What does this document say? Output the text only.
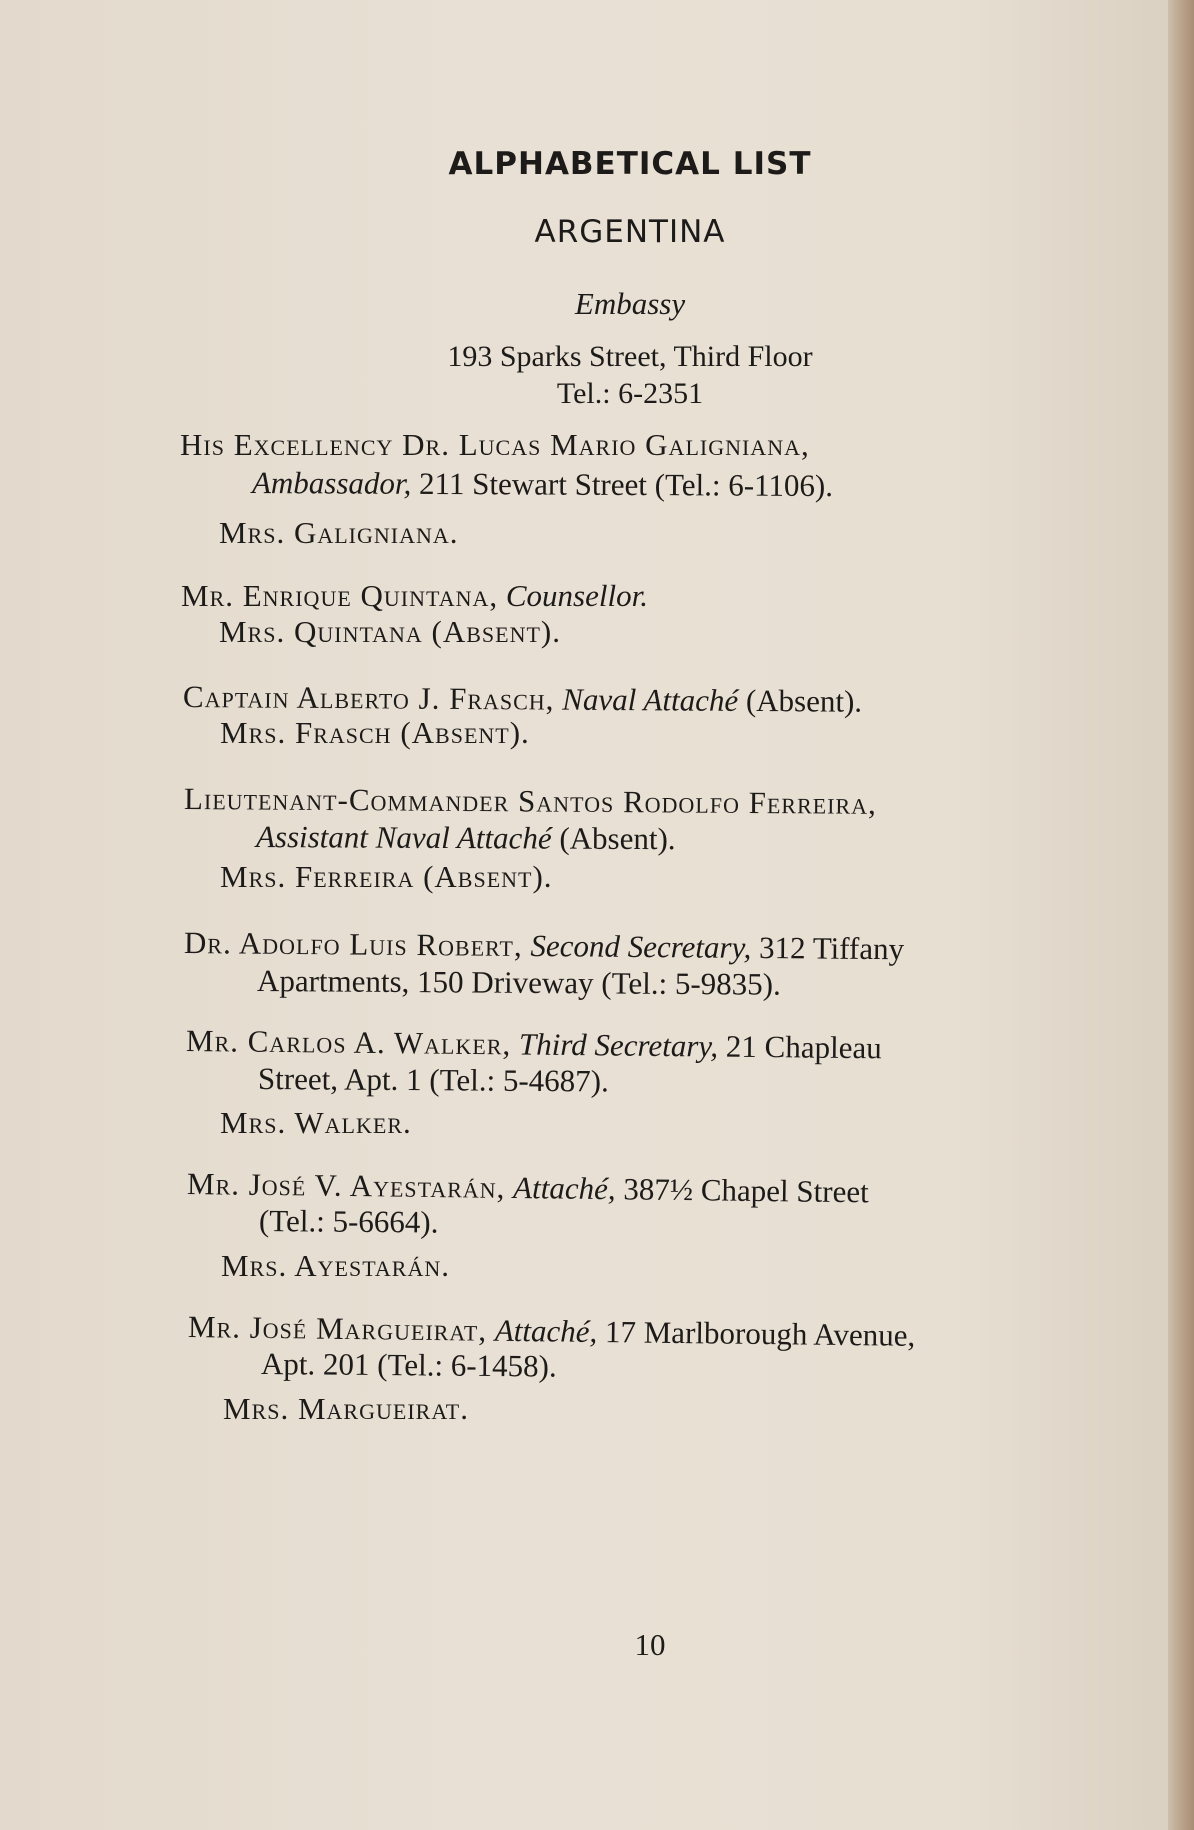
ALPHABETICAL LIST
ARGENTINA
Embassy
193 Sparks Street, Third Floor
Tel.: 6-2351
His Excellency Dr. Lucas Mario Galigniana,
Ambassador, 211 Stewart Street (Tel.: 6-1106).
Mrs. Galigniana.
Mr. Enrique Quintana, Counsellor.
Mrs. Quintana (Absent).
Captain Alberto J. Frasch, Naval Attaché (Absent).
Mrs. Frasch (Absent).
Lieutenant-Commander Santos Rodolfo Ferreira,
Assistant Naval Attaché (Absent).
Mrs. Ferreira (Absent).
Dr. Adolfo Luis Robert, Second Secretary, 312 Tiffany
Apartments, 150 Driveway (Tel.: 5-9835).
Mr. Carlos A. Walker, Third Secretary, 21 Chapleau
Street, Apt. 1 (Tel.: 5-4687).
Mrs. Walker.
Mr. José V. Ayestarán, Attaché, 387½ Chapel Street
(Tel.: 5-6664).
Mrs. Ayestarán.
Mr. José Margueirat, Attaché, 17 Marlborough Avenue,
Apt. 201 (Tel.: 6-1458).
Mrs. Margueirat.
10
